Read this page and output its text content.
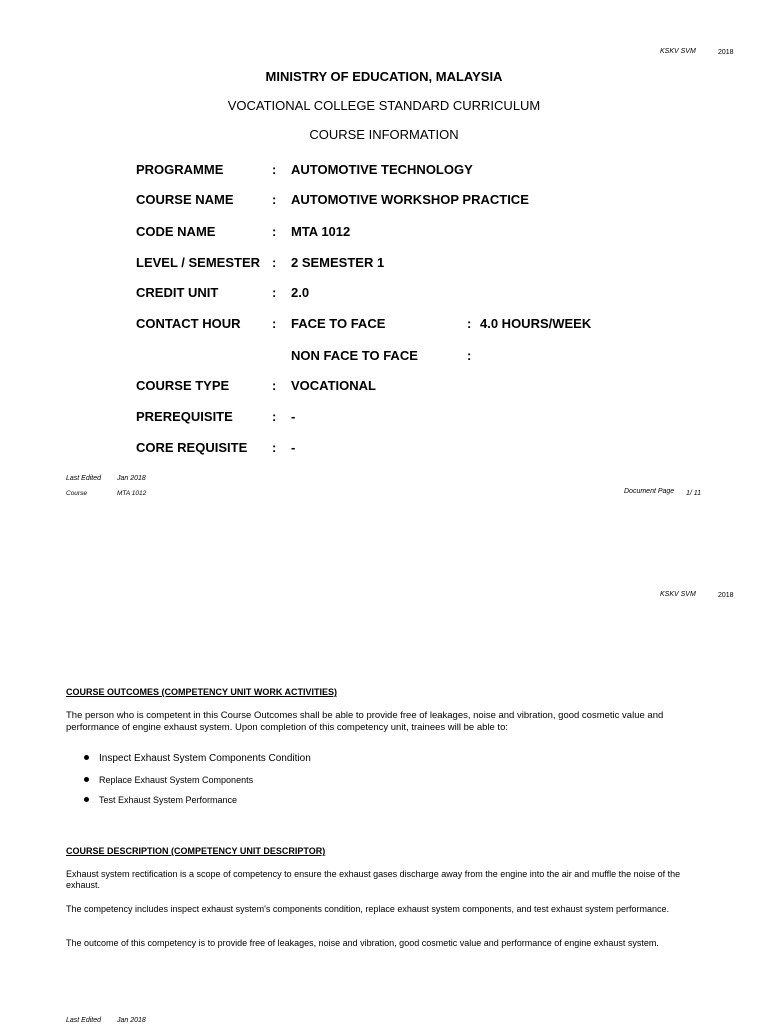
KSKV SVM	2018
MINISTRY OF EDUCATION, MALAYSIA
VOCATIONAL COLLEGE STANDARD CURRICULUM
COURSE INFORMATION
PROGRAMME	: AUTOMOTIVE TECHNOLOGY
COURSE NAME	: AUTOMOTIVE WORKSHOP PRACTICE
CODE NAME	: MTA 1012
LEVEL / SEMESTER : 2 SEMESTER 1
CREDIT UNIT	: 2.0
CONTACT HOUR : FACE TO FACE	: 4.0 HOURS/WEEK
NON FACE TO FACE	:
COURSE TYPE	: VOCATIONAL
PREREQUISITE	: -
CORE REQUISITE : -
Last Edited Jan 2018
Course	MTA 1012	Document Page 1/ 11
KSKV SVM	2018
COURSE OUTCOMES (COMPETENCY UNIT WORK ACTIVITIES)
The person who is competent in this Course Outcomes shall be able to provide free of leakages, noise and vibration, good cosmetic value and performance of engine exhaust system. Upon completion of this competency unit, trainees will be able to:
Inspect Exhaust System Components Condition
Replace Exhaust System Components
Test Exhaust System Performance
COURSE DESCRIPTION (COMPETENCY UNIT DESCRIPTOR)
Exhaust system rectification is a scope of competency to ensure the exhaust gases discharge away from the engine into the air and muffle the noise of the exhaust.
The competency includes inspect exhaust system's components condition, replace exhaust system components, and test exhaust system performance.
The outcome of this competency is to provide free of leakages, noise and vibration, good cosmetic value and performance of engine exhaust system.
Last Edited Jan 2018
